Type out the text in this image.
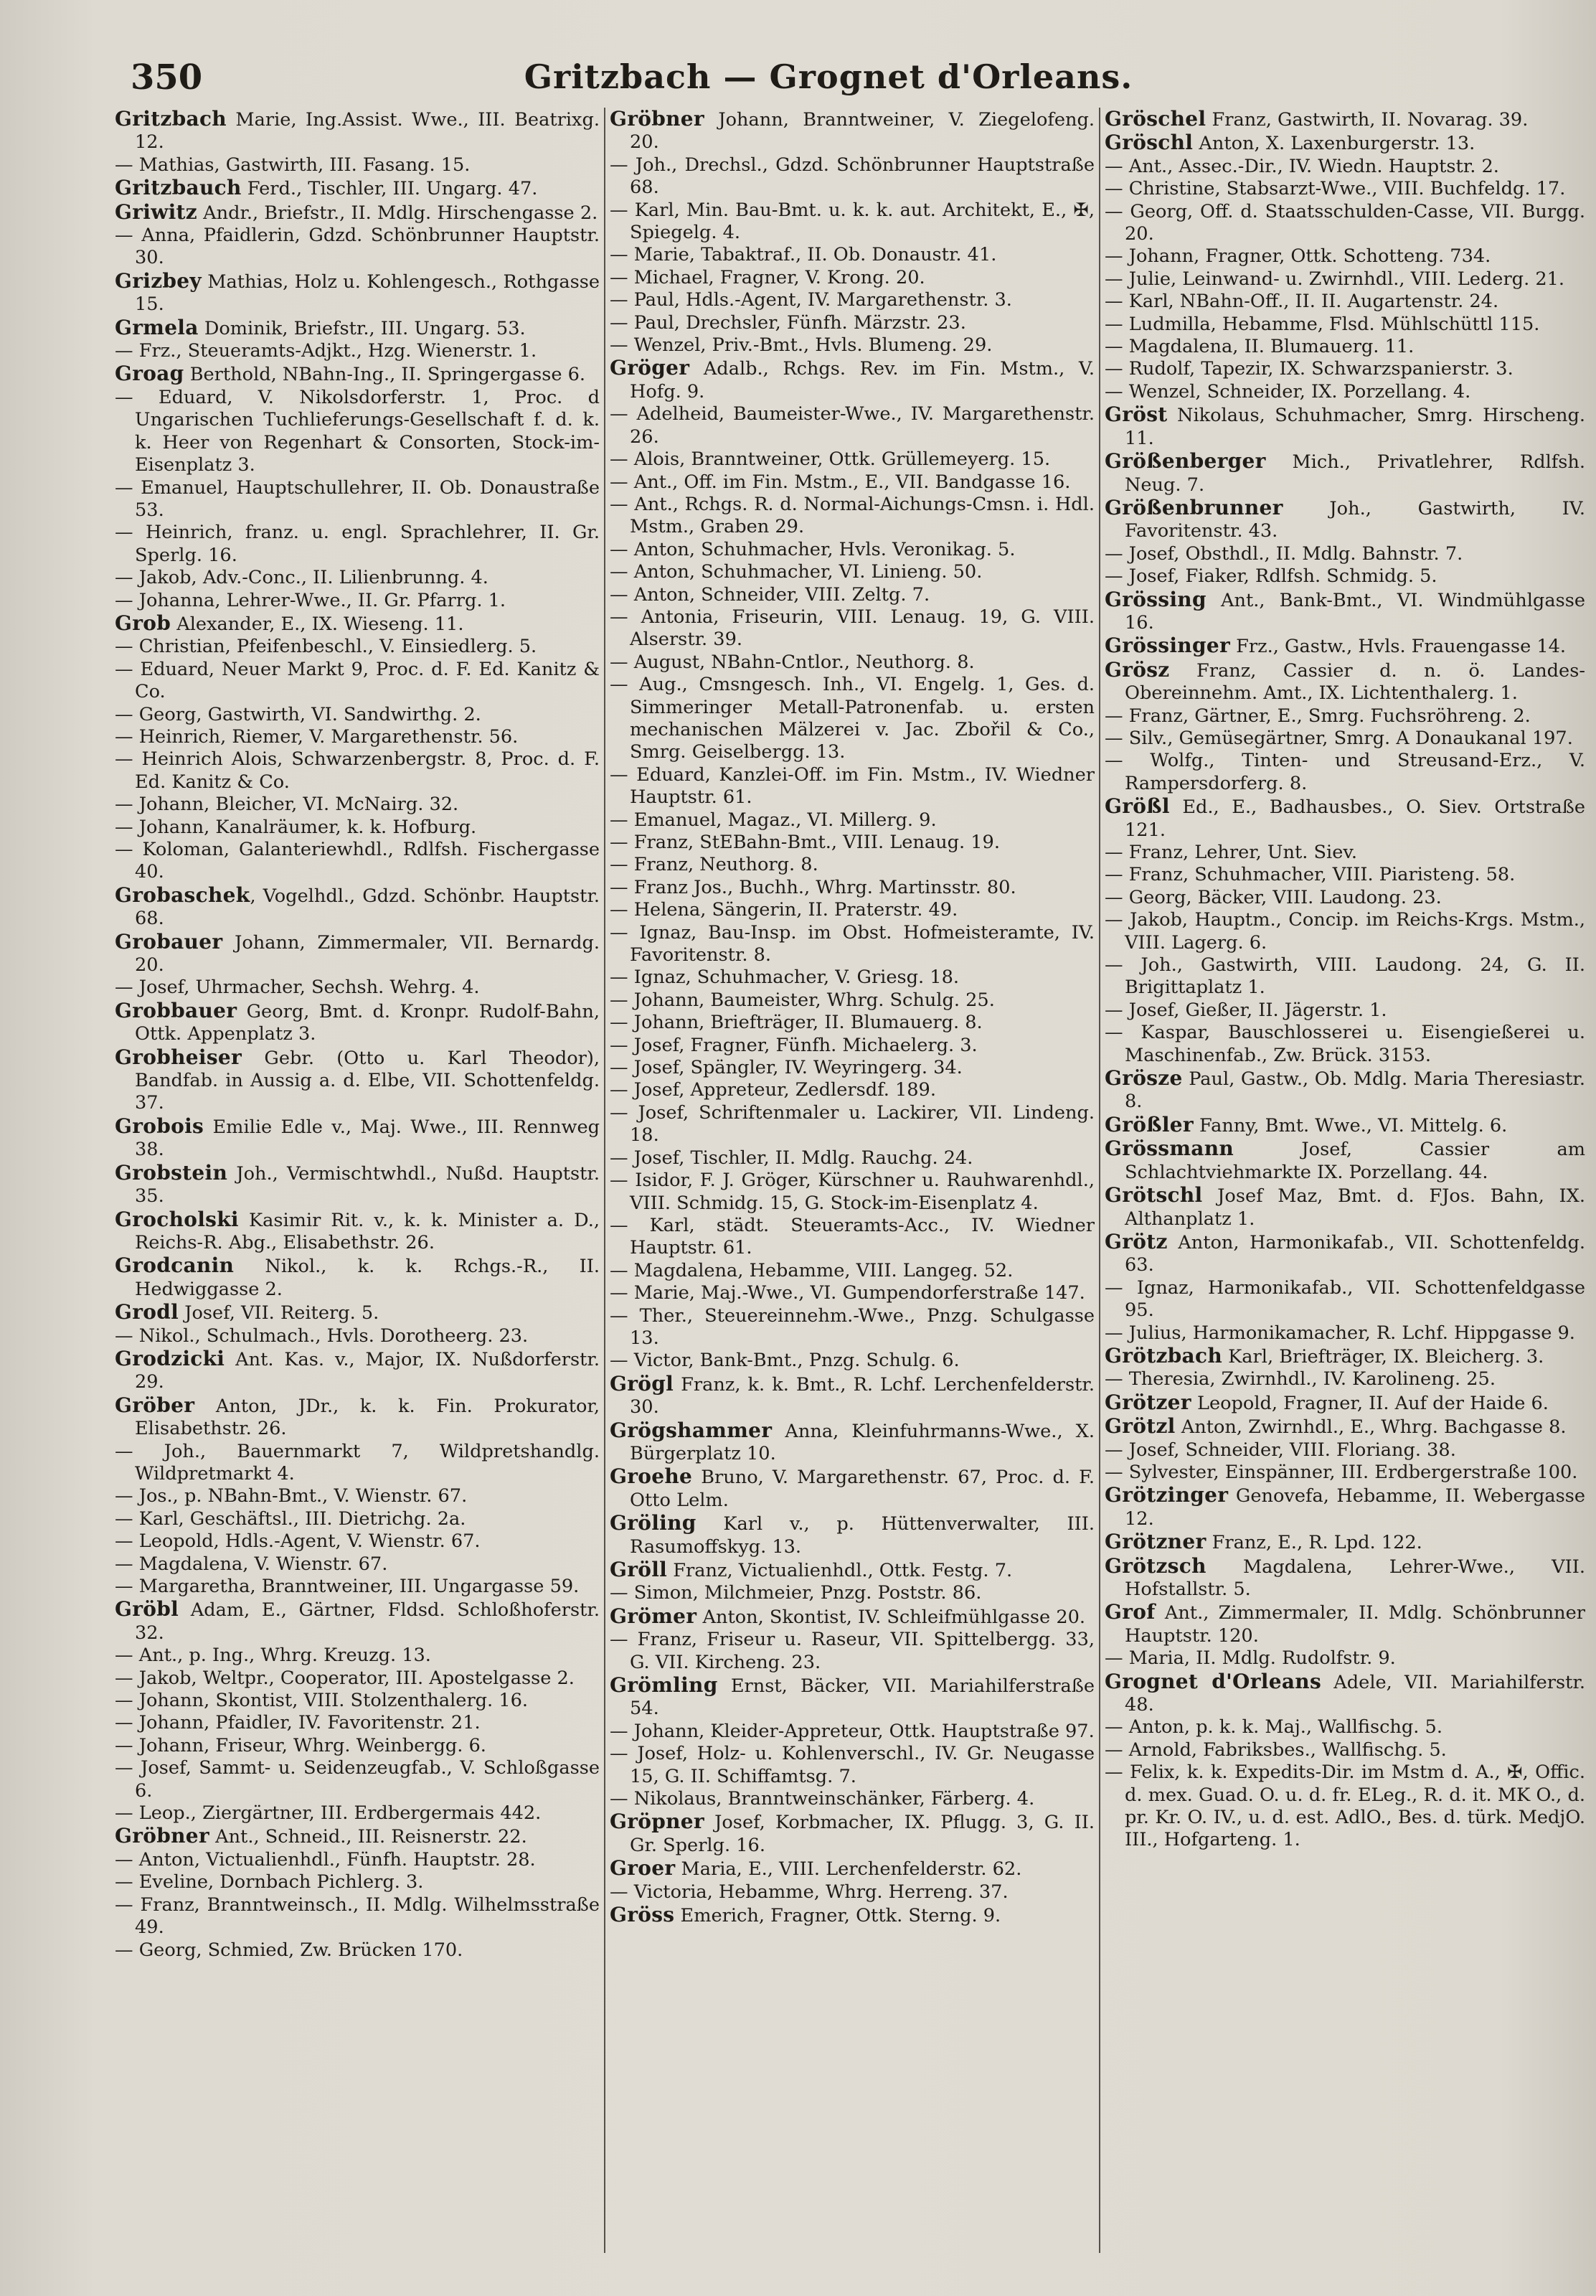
350	Gritzbach — Grognet d'Orleans.
Gritzbach Marie, Ing.Assist. Wwe., III. Beatrixg. 12.
— Mathias, Gastwirth, III. Fasang. 15.
Gritzbauch Ferd., Tischler, III. Ungarg. 47.
Griwitz Andr., Briefstr., II. Mdlg. Hirschengasse 2.
— Anna, Pfaidlerin, Gdzd. Schönbrunner Hauptstr. 30.
Grizbey Mathias, Holz u. Kohlengesch., Rothgasse 15.
Grmela Dominik, Briefstr., III. Ungarg. 53.
— Frz., Steueramts-Adjkt., Hzg. Wienerstr. 1.
Groag Berthold, NBahn-Ing., II. Springergasse 6.
— Eduard, V. Nikolsdorferstr. 1, Proc. d Ungarischen Tuchlieferungs-Gesellschaft f. d. k. k. Heer von Regenhart & Consorten, Stock-im-Eisenplatz 3.
— Emanuel, Hauptschullehrer, II. Ob. Donaustraße 53.
— Heinrich, franz. u. engl. Sprachlehrer, II. Gr. Sperlg. 16.
— Jakob, Adv.-Conc., II. Lilienbrunng. 4.
— Johanna, Lehrer-Wwe., II. Gr. Pfarrg. 1.
Grob Alexander, E., IX. Wieseng. 11.
— Christian, Pfeifenbeschl., V. Einsiedlerg. 5.
— Eduard, Neuer Markt 9, Proc. d. F. Ed. Kanitz & Co.
— Georg, Gastwirth, VI. Sandwirthg. 2.
— Heinrich, Riemer, V. Margarethenstr. 56.
— Heinrich Alois, Schwarzenbergstr. 8, Proc. d. F. Ed. Kanitz & Co.
— Johann, Bleicher, VI. McNairg. 32.
— Johann, Kanalräumer, k. k. Hofburg.
— Koloman, Galanteriewhdl., Rdlfsh. Fischergasse 40.
Grobaschek, Vogelhdl., Gdzd. Schönbr. Hauptstr. 68.
Grobauer Johann, Zimmermaler, VII. Bernardg. 20.
— Josef, Uhrmacher, Sechsh. Wehrg. 4.
Grobbauer Georg, Bmt. d. Kronpr. Rudolf-Bahn, Ottk. Appenplatz 3.
Grobheiser Gebr. (Otto u. Karl Theodor), Bandfab. in Aussig a. d. Elbe, VII. Schottenfeldg. 37.
Grobois Emilie Edle v., Maj. Wwe., III. Rennweg 38.
Grobstein Joh., Vermischtwhdl., Nußd. Hauptstr. 35.
Grocholski Kasimir Rit. v., k. k. Minister a. D., Reichs-R. Abg., Elisabethstr. 26.
Grodcanin Nikol., k. k. Rchgs.-R., II. Hedwiggasse 2.
Grodl Josef, VII. Reiterg. 5.
— Nikol., Schulmach., Hvls. Dorotheerg. 23.
Grodzicki Ant. Kas. v., Major, IX. Nußdorferstr. 29.
Gröber Anton, JDr., k. k. Fin. Prokurator, Elisabethstr. 26.
— Joh., Bauernmarkt 7, Wildpretshandlg. Wildpretmarkt 4.
— Jos., p. NBahn-Bmt., V. Wienstr. 67.
— Karl, Geschäftsl., III. Dietrichg. 2a.
— Leopold, Hdls.-Agent, V. Wienstr. 67.
— Magdalena, V. Wienstr. 67.
— Margaretha, Branntweiner, III. Ungargasse 59.
Gröbl Adam, E., Gärtner, Fldsd. Schloßhoferstr. 32.
— Ant., p. Ing., Whrg. Kreuzg. 13.
— Jakob, Weltpr., Cooperator, III. Apostelgasse 2.
— Johann, Skontist, VIII. Stolzenthalerg. 16.
— Johann, Pfaidler, IV. Favoritenstr. 21.
— Johann, Friseur, Whrg. Weinbergg. 6.
— Josef, Sammt- u. Seidenzeugfab., V. Schloßgasse 6.
— Leop., Ziergärtner, III. Erdbergermais 442.
Gröbner Ant., Schneid., III. Reisnerstr. 22.
— Anton, Victualienhdl., Fünfh. Hauptstr. 28.
— Eveline, Dornbach Pichlerg. 3.
— Franz, Branntweinsch., II. Mdlg. Wilhelmsstraße 49.
— Georg, Schmied, Zw. Brücken 170.
Gröbner Johann, Branntweiner, V. Ziegelofeng. 20.
— Joh., Drechsl., Gdzd. Schönbrunner Hauptstraße 68.
— Karl, Min. Bau-Bmt. u. k. k. aut. Architekt, E., ✠, Spiegelg. 4.
— Marie, Tabaktraf., II. Ob. Donaustr. 41.
— Michael, Fragner, V. Krong. 20.
— Paul, Hdls.-Agent, IV. Margarethenstr. 3.
— Paul, Drechsler, Fünfh. Märzstr. 23.
— Wenzel, Priv.-Bmt., Hvls. Blumeng. 29.
Gröger Adalb., Rchgs. Rev. im Fin. Mstm., V. Hofg. 9.
— Adelheid, Baumeister-Wwe., IV. Margarethenstr. 26.
— Alois, Branntweiner, Ottk. Grüllemeyerg. 15.
— Ant., Off. im Fin. Mstm., E., VII. Bandgasse 16.
— Ant., Rchgs. R. d. Normal-Aichungs-Cmsn. i. Hdl. Mstm., Graben 29.
— Anton, Schuhmacher, Hvls. Veronikag. 5.
— Anton, Schuhmacher, VI. Linieng. 50.
— Anton, Schneider, VIII. Zeltg. 7.
— Antonia, Friseurin, VIII. Lenaug. 19, G. VIII. Alserstr. 39.
— August, NBahn-Cntlor., Neuthorg. 8.
— Aug., Cmsngesch. Inh., VI. Engelg. 1, Ges. d. Simmeringer Metall-Patronenfab. u. ersten mechanischen Mälzerei v. Jac. Zbořil & Co., Smrg. Geiselbergg. 13.
— Eduard, Kanzlei-Off. im Fin. Mstm., IV. Wiedner Hauptstr. 61.
— Emanuel, Magaz., VI. Millerg. 9.
— Franz, StEBahn-Bmt., VIII. Lenaug. 19.
— Franz, Neuthorg. 8.
— Franz Jos., Buchh., Whrg. Martinsstr. 80.
— Helena, Sängerin, II. Praterstr. 49.
— Ignaz, Bau-Insp. im Obst. Hofmeisteramte, IV. Favoritenstr. 8.
— Ignaz, Schuhmacher, V. Griesg. 18.
— Johann, Baumeister, Whrg. Schulg. 25.
— Johann, Briefträger, II. Blumauerg. 8.
— Josef, Fragner, Fünfh. Michaelerg. 3.
— Josef, Spängler, IV. Weyringerg. 34.
— Josef, Appreteur, Zedlersdf. 189.
— Josef, Schriftenmaler u. Lackirer, VII. Lindeng. 18.
— Josef, Tischler, II. Mdlg. Rauchg. 24.
— Isidor, F. J. Gröger, Kürschner u. Rauhwarenhdl., VIII. Schmidg. 15, G. Stock-im-Eisenplatz 4.
— Karl, städt. Steueramts-Acc., IV. Wiedner Hauptstr. 61.
— Magdalena, Hebamme, VIII. Langeg. 52.
— Marie, Maj.-Wwe., VI. Gumpendorferstraße 147.
— Ther., Steuereinnehm.-Wwe., Pnzg. Schulgasse 13.
— Victor, Bank-Bmt., Pnzg. Schulg. 6.
Grögl Franz, k. k. Bmt., R. Lchf. Lerchenfelderstr. 30.
Grögshammer Anna, Kleinfuhrmanns-Wwe., X. Bürgerplatz 10.
Groehe Bruno, V. Margarethenstr. 67, Proc. d. F. Otto Lelm.
Gröling Karl v., p. Hüttenverwalter, III. Rasumoffskyg. 13.
Gröll Franz, Victualienhdl., Ottk. Festg. 7.
— Simon, Milchmeier, Pnzg. Poststr. 86.
Grömer Anton, Skontist, IV. Schleifmühlgasse 20.
— Franz, Friseur u. Raseur, VII. Spittelbergg. 33, G. VII. Kircheng. 23.
Grömling Ernst, Bäcker, VII. Mariahilferstraße 54.
— Johann, Kleider-Appreteur, Ottk. Hauptstraße 97.
— Josef, Holz- u. Kohlenverschl., IV. Gr. Neugasse 15, G. II. Schiffamtsg. 7.
— Nikolaus, Branntweinschänker, Färberg. 4.
Gröpner Josef, Korbmacher, IX. Pflugg. 3, G. II. Gr. Sperlg. 16.
Groer Maria, E., VIII. Lerchenfelderstr. 62.
— Victoria, Hebamme, Whrg. Herreng. 37.
Gröss Emerich, Fragner, Ottk. Sterng. 9.
Gröschel Franz, Gastwirth, II. Novarag. 39.
Gröschl Anton, X. Laxenburgerstr. 13.
— Ant., Assec.-Dir., IV. Wiedn. Hauptstr. 2.
— Christine, Stabsarzt-Wwe., VIII. Buchfeldg. 17.
— Georg, Off. d. Staatsschulden-Casse, VII. Burgg. 20.
— Johann, Fragner, Ottk. Schotteng. 734.
— Julie, Leinwand- u. Zwirnhdl., VIII. Lederg. 21.
— Karl, NBahn-Off., II. II. Augartenstr. 24.
— Ludmilla, Hebamme, Flsd. Mühlschüttl 115.
— Magdalena, II. Blumauerg. 11.
— Rudolf, Tapezir, IX. Schwarzspanierstr. 3.
— Wenzel, Schneider, IX. Porzellang. 4.
Gröst Nikolaus, Schuhmacher, Smrg. Hirscheng. 11.
Größenberger Mich., Privatlehrer, Rdlfsh. Neug. 7.
Größenbrunner Joh., Gastwirth, IV. Favoritenstr. 43.
— Josef, Obsthdl., II. Mdlg. Bahnstr. 7.
— Josef, Fiaker, Rdlfsh. Schmidg. 5.
Grössing Ant., Bank-Bmt., VI. Windmühlgasse 16.
Grössinger Frz., Gastw., Hvls. Frauengasse 14.
Grösz Franz, Cassier d. n. ö. Landes-Obereinnehm. Amt., IX. Lichtenthalerg. 1.
— Franz, Gärtner, E., Smrg. Fuchsröhreng. 2.
— Silv., Gemüsegärtner, Smrg. A Donaukanal 197.
— Wolfg., Tinten- und Streusand-Erz., V. Rampersdorferg. 8.
Größl Ed., E., Badhausbes., O. Siev. Ortstraße 121.
— Franz, Lehrer, Unt. Siev.
— Franz, Schuhmacher, VIII. Piaristeng. 58.
— Georg, Bäcker, VIII. Laudong. 23.
— Jakob, Hauptm., Concip. im Reichs-Krgs. Mstm., VIII. Lagerg. 6.
— Joh., Gastwirth, VIII. Laudong. 24, G. II. Brigittaplatz 1.
— Josef, Gießer, II. Jägerstr. 1.
— Kaspar, Bauschlosserei u. Eisengießerei u. Maschinenfab., Zw. Brück. 3153.
Grösze Paul, Gastw., Ob. Mdlg. Maria Theresiastr. 8.
Größler Fanny, Bmt. Wwe., VI. Mittelg. 6.
Grössmann Josef, Cassier am Schlachtviehmarkte IX. Porzellang. 44.
Grötschl Josef Maz, Bmt. d. FJos. Bahn, IX. Althanplatz 1.
Grötz Anton, Harmonikafab., VII. Schottenfeldg. 63.
— Ignaz, Harmonikafab., VII. Schottenfeldgasse 95.
— Julius, Harmonikamacher, R. Lchf. Hippgasse 9.
Grötzbach Karl, Briefträger, IX. Bleicherg. 3.
— Theresia, Zwirnhdl., IV. Karolineng. 25.
Grötzer Leopold, Fragner, II. Auf der Haide 6.
Grötzl Anton, Zwirnhdl., E., Whrg. Bachgasse 8.
— Josef, Schneider, VIII. Floriang. 38.
— Sylvester, Einspänner, III. Erdbergerstraße 100.
Grötzinger Genovefa, Hebamme, II. Webergasse 12.
Grötzner Franz, E., R. Lpd. 122.
Grötzsch Magdalena, Lehrer-Wwe., VII. Hofstallstr. 5.
Grof Ant., Zimmermaler, II. Mdlg. Schönbrunner Hauptstr. 120.
— Maria, II. Mdlg. Rudolfstr. 9.
Grognet d'Orleans Adele, VII. Mariahilferstr. 48.
— Anton, p. k. k. Maj., Wallfischg. 5.
— Arnold, Fabriksbes., Wallfischg. 5.
— Felix, k. k. Expedits-Dir. im Mstm d. A., ✠, Offic. d. mex. Guad. O. u. d. fr. ELeg., R. d. it. MK O., d. pr. Kr. O. IV., u. d. est. AdlO., Bes. d. türk. MedjO. III., Hofgarteng. 1.
